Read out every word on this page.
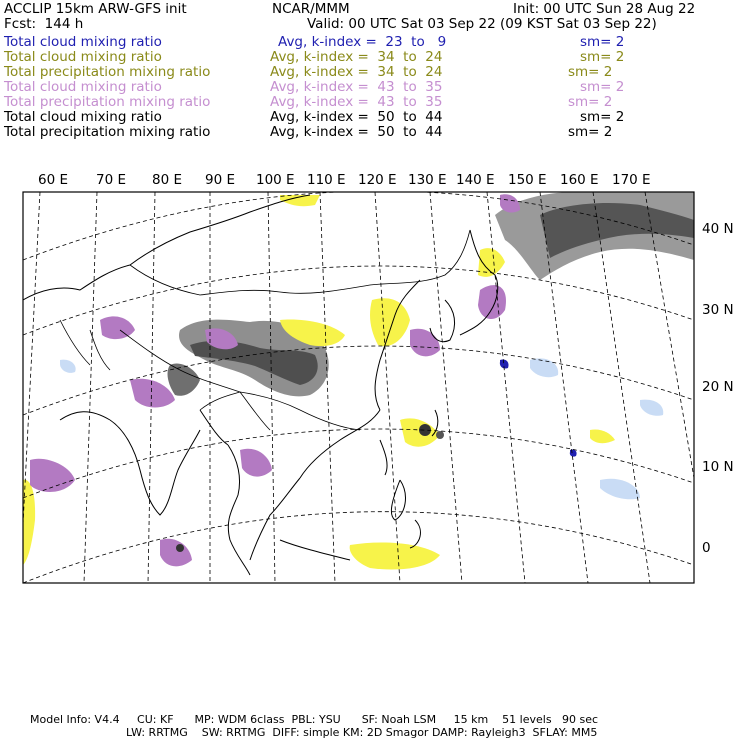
ACCLIP 15km ARW-GFS init	NCAR/MMM	Init: 00 UTC Sun 28 Aug 22
Fcst:  144 h	Valid: 00 UTC Sat 03 Sep 22 (09 KST Sat 03 Sep 22)
Total cloud mixing ratio	Avg, k-index =  23  to   9	sm= 2
Total cloud mixing ratio	Avg, k-index =  34  to  24	sm= 2
Total precipitation mixing ratio	Avg, k-index =  34  to  24	sm= 2
Total cloud mixing ratio	Avg, k-index =  43  to  35	sm= 2
Total precipitation mixing ratio	Avg, k-index =  43  to  35	sm= 2
Total cloud mixing ratio	Avg, k-index =  50  to  44	sm= 2
Total precipitation mixing ratio	Avg, k-index =  50  to  44	sm= 2
60 E 70 E 80 E 90 E 100 E 110 E 120 E 130 E 140 E 150 E 160 E 170 E
40 N
30 N
20 N
10 N
0
Model Info: V4.4     CU: KF      MP: WDM 6class  PBL: YSU      SF: Noah LSM     15 km    51 levels   90 sec
LW: RRTMG    SW: RRTMG  DIFF: simple KM: 2D Smagor DAMP: Rayleigh3  SFLAY: MM5
